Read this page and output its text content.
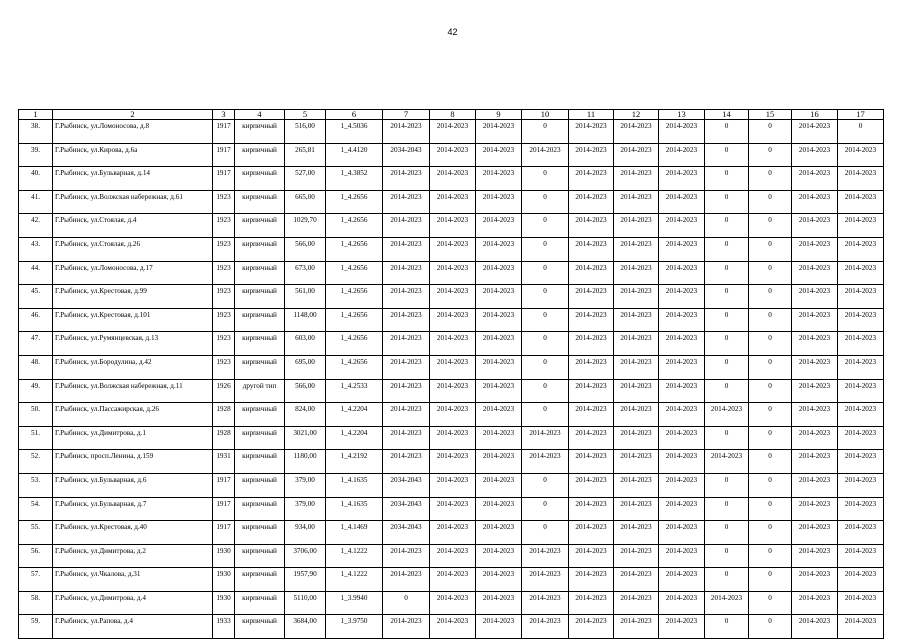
42
1	2	3	4	5	6	7	8	9	10	11	12	13	14	15	16	17
38.	Г.Рыбинск, ул.Ломоносова, д.8	1917	кирпичный	516,00	1_4.5036	2014-2023	2014-2023	2014-2023	0	2014-2023	2014-2023	2014-2023	0	0	2014-2023	0
39.	Г.Рыбинск, ул.Кирова, д.6а	1917	кирпичный	265,81	1_4.4120	2034-2043	2014-2023	2014-2023	2014-2023	2014-2023	2014-2023	2014-2023	0	0	2014-2023	2014-2023
40.	Г.Рыбинск, ул.Бульварная, д.14	1917	кирпичный	527,00	1_4.3852	2014-2023	2014-2023	2014-2023	0	2014-2023	2014-2023	2014-2023	0	0	2014-2023	2014-2023
41.	Г.Рыбинск, ул.Волжская набережная, д.61	1923	кирпичный	665,00	1_4.2656	2014-2023	2014-2023	2014-2023	0	2014-2023	2014-2023	2014-2023	0	0	2014-2023	2014-2023
42.	Г.Рыбинск, ул.Стоялая, д.4	1923	кирпичный	1029,70	1_4.2656	2014-2023	2014-2023	2014-2023	0	2014-2023	2014-2023	2014-2023	0	0	2014-2023	2014-2023
43.	Г.Рыбинск, ул.Стоялая, д.26	1923	кирпичный	566,00	1_4.2656	2014-2023	2014-2023	2014-2023	0	2014-2023	2014-2023	2014-2023	0	0	2014-2023	2014-2023
44.	Г.Рыбинск, ул.Ломоносова, д.17	1923	кирпичный	673,00	1_4.2656	2014-2023	2014-2023	2014-2023	0	2014-2023	2014-2023	2014-2023	0	0	2014-2023	2014-2023
45.	Г.Рыбинск, ул.Крестовая, д.99	1923	кирпичный	561,00	1_4.2656	2014-2023	2014-2023	2014-2023	0	2014-2023	2014-2023	2014-2023	0	0	2014-2023	2014-2023
46.	Г.Рыбинск, ул.Крестовая, д.101	1923	кирпичный	1148,00	1_4.2656	2014-2023	2014-2023	2014-2023	0	2014-2023	2014-2023	2014-2023	0	0	2014-2023	2014-2023
47.	Г.Рыбинск, ул.Румянцевская, д.13	1923	кирпичный	603,00	1_4.2656	2014-2023	2014-2023	2014-2023	0	2014-2023	2014-2023	2014-2023	0	0	2014-2023	2014-2023
48.	Г.Рыбинск, ул.Бородулина, д.42	1923	кирпичный	695,00	1_4.2656	2014-2023	2014-2023	2014-2023	0	2014-2023	2014-2023	2014-2023	0	0	2014-2023	2014-2023
49.	Г.Рыбинск, ул.Волжская набережная, д.11	1926	другой тип	566,00	1_4.2533	2014-2023	2014-2023	2014-2023	0	2014-2023	2014-2023	2014-2023	0	0	2014-2023	2014-2023
50.	Г.Рыбинск, ул.Пассажирская, д.26	1928	кирпичный	824,00	1_4.2204	2014-2023	2014-2023	2014-2023	0	2014-2023	2014-2023	2014-2023	2014-2023	0	2014-2023	2014-2023
51.	Г.Рыбинск, ул.Димитрова, д.1	1928	кирпичный	3021,00	1_4.2204	2014-2023	2014-2023	2014-2023	2014-2023	2014-2023	2014-2023	2014-2023	0	0	2014-2023	2014-2023
52.	Г.Рыбинск, просп.Ленина, д.159	1931	кирпичный	1180,00	1_4.2192	2014-2023	2014-2023	2014-2023	2014-2023	2014-2023	2014-2023	2014-2023	2014-2023	0	2014-2023	2014-2023
53.	Г.Рыбинск, ул.Бульварная, д.6	1917	кирпичный	379,00	1_4.1635	2034-2043	2014-2023	2014-2023	0	2014-2023	2014-2023	2014-2023	0	0	2014-2023	2014-2023
54.	Г.Рыбинск, ул.Бульварная, д.7	1917	кирпичный	379,00	1_4.1635	2034-2043	2014-2023	2014-2023	0	2014-2023	2014-2023	2014-2023	0	0	2014-2023	2014-2023
55.	Г.Рыбинск, ул.Крестовая, д.40	1917	кирпичный	934,00	1_4.1469	2034-2043	2014-2023	2014-2023	0	2014-2023	2014-2023	2014-2023	0	0	2014-2023	2014-2023
56.	Г.Рыбинск, ул.Димитрова, д.2	1930	кирпичный	3706,00	1_4.1222	2014-2023	2014-2023	2014-2023	2014-2023	2014-2023	2014-2023	2014-2023	0	0	2014-2023	2014-2023
57.	Г.Рыбинск, ул.Чкалова, д.31	1930	кирпичный	1957,90	1_4.1222	2014-2023	2014-2023	2014-2023	2014-2023	2014-2023	2014-2023	2014-2023	0	0	2014-2023	2014-2023
58.	Г.Рыбинск, ул.Димитрова, д.4	1930	кирпичный	5110,00	1_3.9940	0	2014-2023	2014-2023	2014-2023	2014-2023	2014-2023	2014-2023	2014-2023	0	2014-2023	2014-2023
59.	Г.Рыбинск, ул.Рапова, д.4	1933	кирпичный	3684,00	1_3.9750	2014-2023	2014-2023	2014-2023	2014-2023	2014-2023	2014-2023	2014-2023	0	0	2014-2023	2014-2023
